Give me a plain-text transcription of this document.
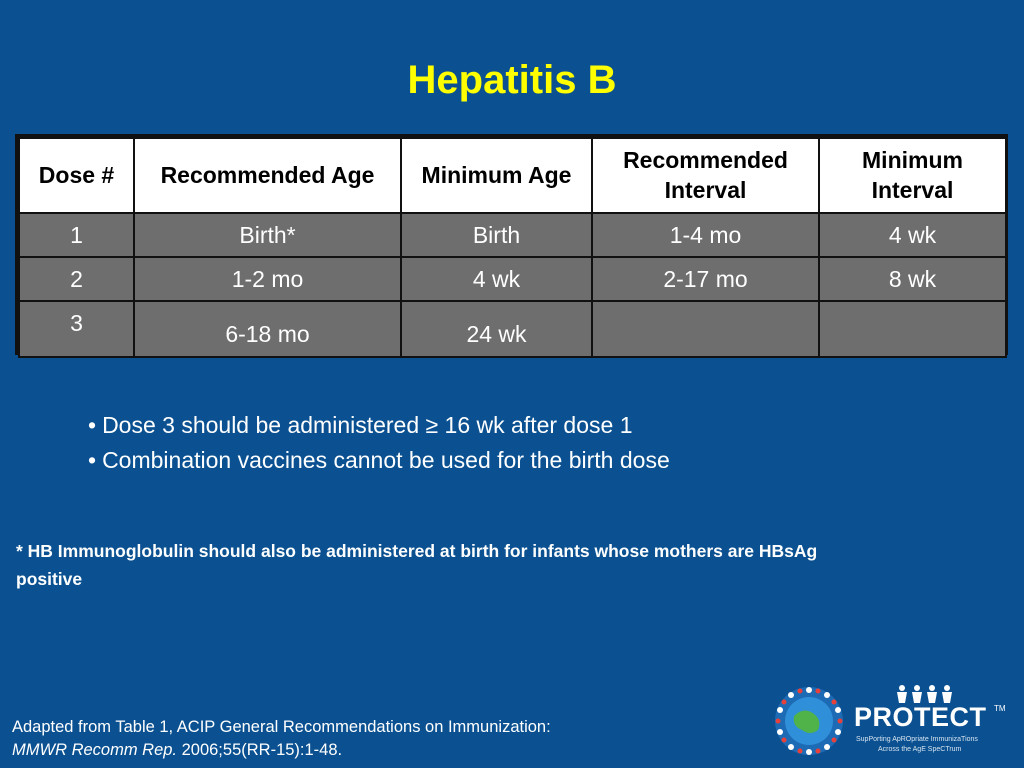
Hepatitis B
Dose #	Recommended Age	Minimum Age	Recommended Interval	Minimum Interval
1	Birth*	Birth	1-4 mo	4 wk
2	1-2 mo	4 wk	2-17 mo	8 wk
3	6-18 mo	24 wk		
• Dose 3 should be administered ≥ 16 wk after dose 1
• Combination vaccines cannot be used for the birth dose
* HB Immunoglobulin should also be administered at birth for infants whose mothers are HBsAg positive
Adapted from Table 1, ACIP General Recommendations on Immunization:
MMWR Recomm Rep. 2006;55(RR-15):1-48.
PROTECT TM
SupPorting ApROpriate ImmunizaTions
Across the AgE SpeCTrum
